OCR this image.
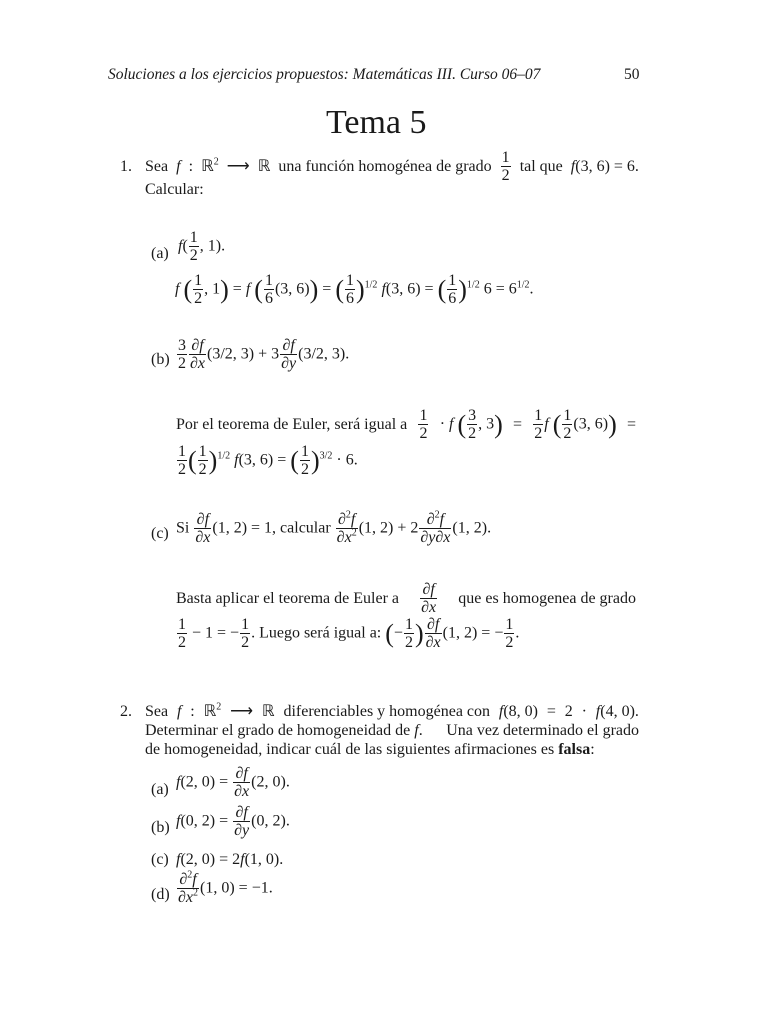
Soluciones a los ejercicios propuestos: Matemáticas III. Curso 06–07	50
Tema 5
1. Sea f : ℝ$^2$ ⟶ ℝ una función homogénea de grado $\frac{1}{2}$ tal que f(3, 6) = 6.
Calcular:
(a) $f( \frac{1}{2}$ , 1).
f ( $\frac{1}{2}$ , 1) = f ( $\frac{1}{6} (3$, 6)) = ( $\frac{1}{6} )^{1/2}$ f(3, 6) = ( $\frac{1}{6} )^{1/2}$ $6 = 6^{1/2}$.
$(b) \frac{3}{2} \frac{\partial f}{\partial x} (3/2$, $3) + 3 \frac{\partial f}{\partial y} (3/2$, 3).
Por el teorema de Euler, será igual a $\frac{1}{2} \cdot f$ ( $\frac{3}{2}$ , $3) = \frac{1}{2}$ f ( $\frac{1}{2} (3$, 6)) =
$\frac{1}{2}$ ( $\frac{1}{2} )^{1/2}$ f(3, 6) = ( $\frac{1}{2} )^{3/2} \cdot 6$.
(c) Si $\frac{\partial f}{\partial x} (1$, 2) = 1, calcular $\frac{\partial^2f}{\partial x^2} (1$, $2) + 2 \frac{\partial^2f}{\partial y\partial x} (1$, 2).
Basta aplicar el teorema de Euler a $\frac{\partial f}{\partial x}$ que es homogenea de grado
$\frac{1}{2} - 1$ = − $\frac{1}{2}$ . Luego será igual a: (− $\frac{1}{2}$ ) $\frac{\partial f}{\partial x} (1$, 2) = − $\frac{1}{2}$ .
2. Sea f : ℝ$^2$ ⟶ ℝ diferenciables y homogénea con f(8, 0) = 2 · f(4, 0).
Determinar el grado de homogeneidad de f. Una vez determinado el grado
de homogeneidad, indicar cuál de las siguientes afirmaciones es falsa:
(a) f(2, $0) = \frac{\partial f}{\partial x} (2$, 0).
(b) f(0, $2) = \frac{\partial f}{\partial y} (0$, 2).
(c) f(2, 0) = 2f(1, 0).
$(d) \frac{\partial^2f}{\partial x^2} (1$, 0) = −1.
